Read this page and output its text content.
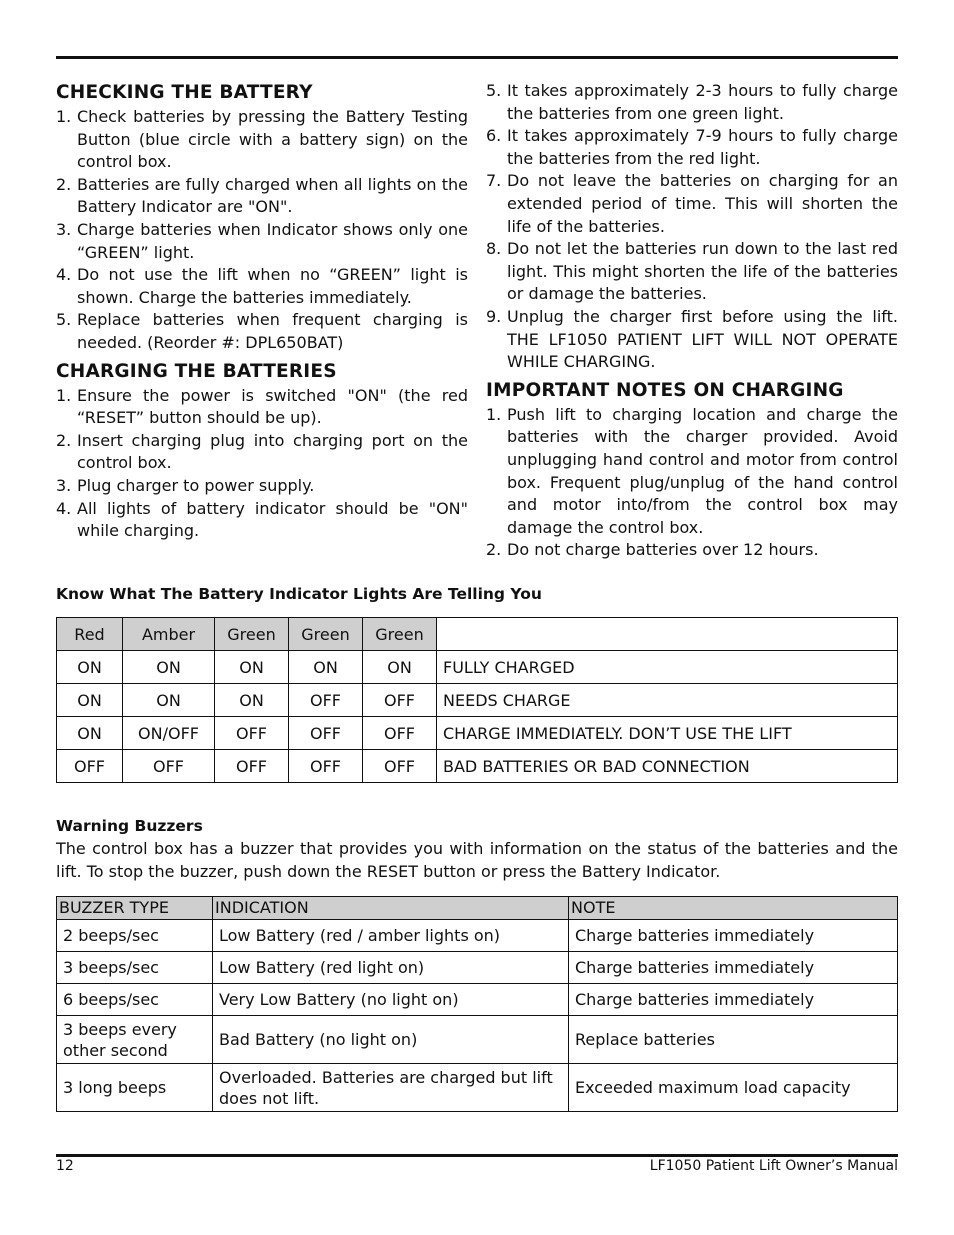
CHECKING THE BATTERY
1. Check batteries by pressing the Battery Testing Button (blue circle with a battery sign) on the control box.
2. Batteries are fully charged when all lights on the Battery Indicator are "ON".
3. Charge batteries when Indicator shows only one “GREEN” light.
4. Do not use the lift when no “GREEN” light is shown. Charge the batteries immediately.
5. Replace batteries when frequent charging is needed. (Reorder #: DPL650BAT)
CHARGING THE BATTERIES
1. Ensure the power is switched "ON" (the red “RESET” button should be up).
2. Insert charging plug into charging port on the control box.
3. Plug charger to power supply.
4. All lights of battery indicator should be "ON" while charging.
5. It takes approximately 2-3 hours to fully charge the batteries from one green light.
6. It takes approximately 7-9 hours to fully charge the batteries from the red light.
7. Do not leave the batteries on charging for an extended period of time. This will shorten the life of the batteries.
8. Do not let the batteries run down to the last red light. This might shorten the life of the batteries or damage the batteries.
9. Unplug the charger first before using the lift. THE LF1050 PATIENT LIFT WILL NOT OPERATE WHILE CHARGING.
IMPORTANT NOTES ON CHARGING
1. Push lift to charging location and charge the batteries with the charger provided. Avoid unplugging hand control and motor from control box. Frequent plug/unplug of the hand control and motor into/from the control box may damage the control box.
2. Do not charge batteries over 12 hours.
Know What The Battery Indicator Lights Are Telling You
Red	Amber	Green	Green	Green	
ON	ON	ON	ON	ON	FULLY CHARGED
ON	ON	ON	OFF	OFF	NEEDS CHARGE
ON	ON/OFF	OFF	OFF	OFF	CHARGE IMMEDIATELY. DON’T USE THE LIFT
OFF	OFF	OFF	OFF	OFF	BAD BATTERIES OR BAD CONNECTION
Warning Buzzers
The control box has a buzzer that provides you with information on the status of the batteries and the lift. To stop the buzzer, push down the RESET button or press the Battery Indicator.
BUZZER TYPE	INDICATION	NOTE
2 beeps/sec	Low Battery (red / amber lights on)	Charge batteries immediately
3 beeps/sec	Low Battery (red light on)	Charge batteries immediately
6 beeps/sec	Very Low Battery (no light on)	Charge batteries immediately
3 beeps every other second	Bad Battery (no light on)	Replace batteries
3 long beeps	Overloaded. Batteries are charged but lift does not lift.	Exceeded maximum load capacity
12	LF1050 Patient Lift Owner’s Manual
